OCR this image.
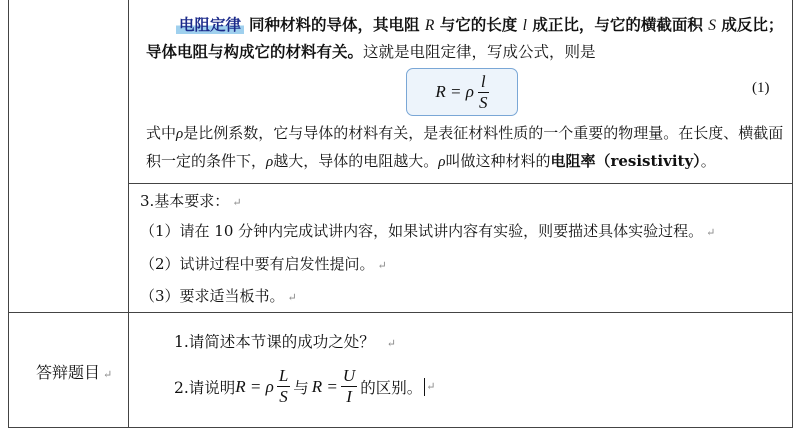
电阻定律 同种材料的导体，其电阻 R 与它的长度 l 成正比，与它的横截面积 S 成反比；导体电阻与构成它的材料有关。这就是电阻定律，写成公式，则是
R = ρ $\frac{l}{S}$	(1)
式中ρ是比例系数，它与导体的材料有关，是表征材料性质的一个重要的物理量。在长度、横截面积一定的条件下，ρ越大，导体的电阻越大。ρ叫做这种材料的电阻率（resistivity）。
3.基本要求： ↵
（1）请在 10 分钟内完成试讲内容，如果试讲内容有实验，则要描述具体实验过程。 ↵
（2）试讲过程中要有启发性提问。 ↵
（3）要求适当板书。 ↵
答辩题目 ↵
1.请简述本节课的成功之处？ ↵
2.请说明 R = ρ $\frac{L}{S}$ 与 $R = \frac{U}{I}$ 的区别。 ↵
